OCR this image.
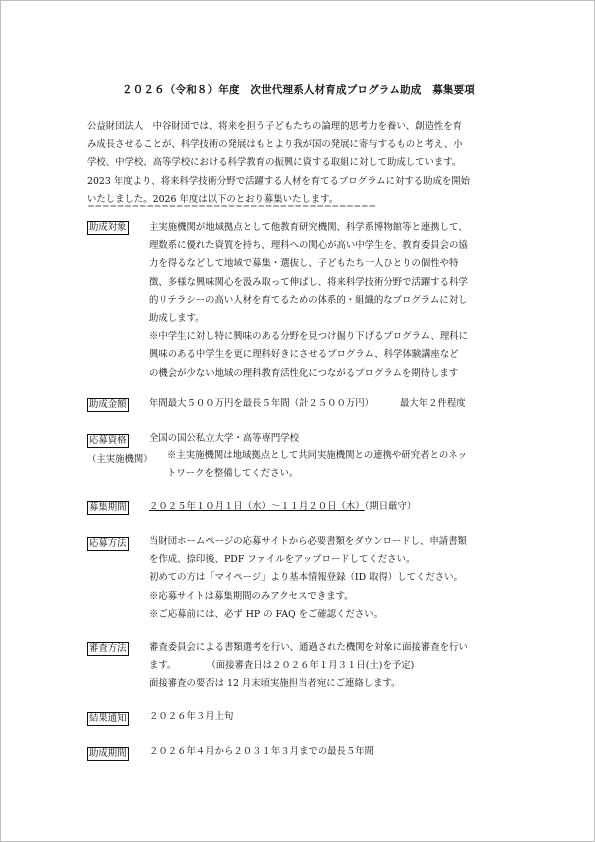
２０２６（令和８）年度　次世代理系人材育成プログラム助成　募集要項
公益財団法人　中谷財団では、将来を担う子どもたちの論理的思考力を養い、創造性を育
み成長させることが、科学技術の発展はもとより我が国の発展に寄与するものと考え、小
学校、中学校、高等学校における科学教育の振興に資する取組に対して助成しています。
2023 年度より、将来科学技術分野で活躍する人材を育てるプログラムに対する助成を開始
いたしました。2026 年度は以下のとおり募集いたします。
＝＝＝＝＝＝＝＝＝＝＝＝＝＝＝＝＝＝＝＝＝＝＝＝＝＝＝＝＝＝＝＝＝＝＝＝＝＝＝
助成対象 主実施機関が地域拠点として他教育研究機関、科学系博物館等と連携して、
理数系に優れた資質を持ち、理科への関心が高い中学生を、教育委員会の協
力を得るなどして地域で募集・選抜し、子どもたち一人ひとりの個性や特
徴、多様な興味関心を汲み取って伸ばし、将来科学技術分野で活躍する科学
的リテラシーの高い人材を育てるための体系的・組織的なプログラムに対し
助成します。
※中学生に対し特に興味のある分野を見つけ掘り下げるプログラム、理科に
興味のある中学生を更に理科好きにさせるプログラム、科学体験講座など
の機会が少ない地域の理科教育活性化につながるプログラムを期待します
助成金額 年間最大５００万円を最長５年間（計２５００万円）	最大年２件程度
応募資格
（主実施機関）
全国の国公私立大学・高等専門学校
※主実施機関は地域拠点として共同実施機関との連携や研究者とのネッ
トワークを整備してください。
募集期間 ２０２５年１０月１日（水）～１１月２０日（木）（期日厳守）
応募方法 当財団ホームページの応募サイトから必要書類をダウンロードし、申請書類
を作成、捺印後、PDF ファイルをアップロードしてください。
初めての方は「マイページ」より基本情報登録（ID 取得）してください。
※応募サイトは募集期間のみアクセスできます。
※ご応募前には、必ず HP の FAQ をご確認ください。
審査方法 審査委員会による書類選考を行い、通過された機関を対象に面接審査を行い
ます。	（面接審査日は２０２６年１月３１日(土)を予定)
面接審査の要否は 12 月末頃実施担当者宛にご連絡します。
結果通知 ２０２６年３月上旬
助成期間 ２０２６年４月から２０３１年３月までの最長５年間
